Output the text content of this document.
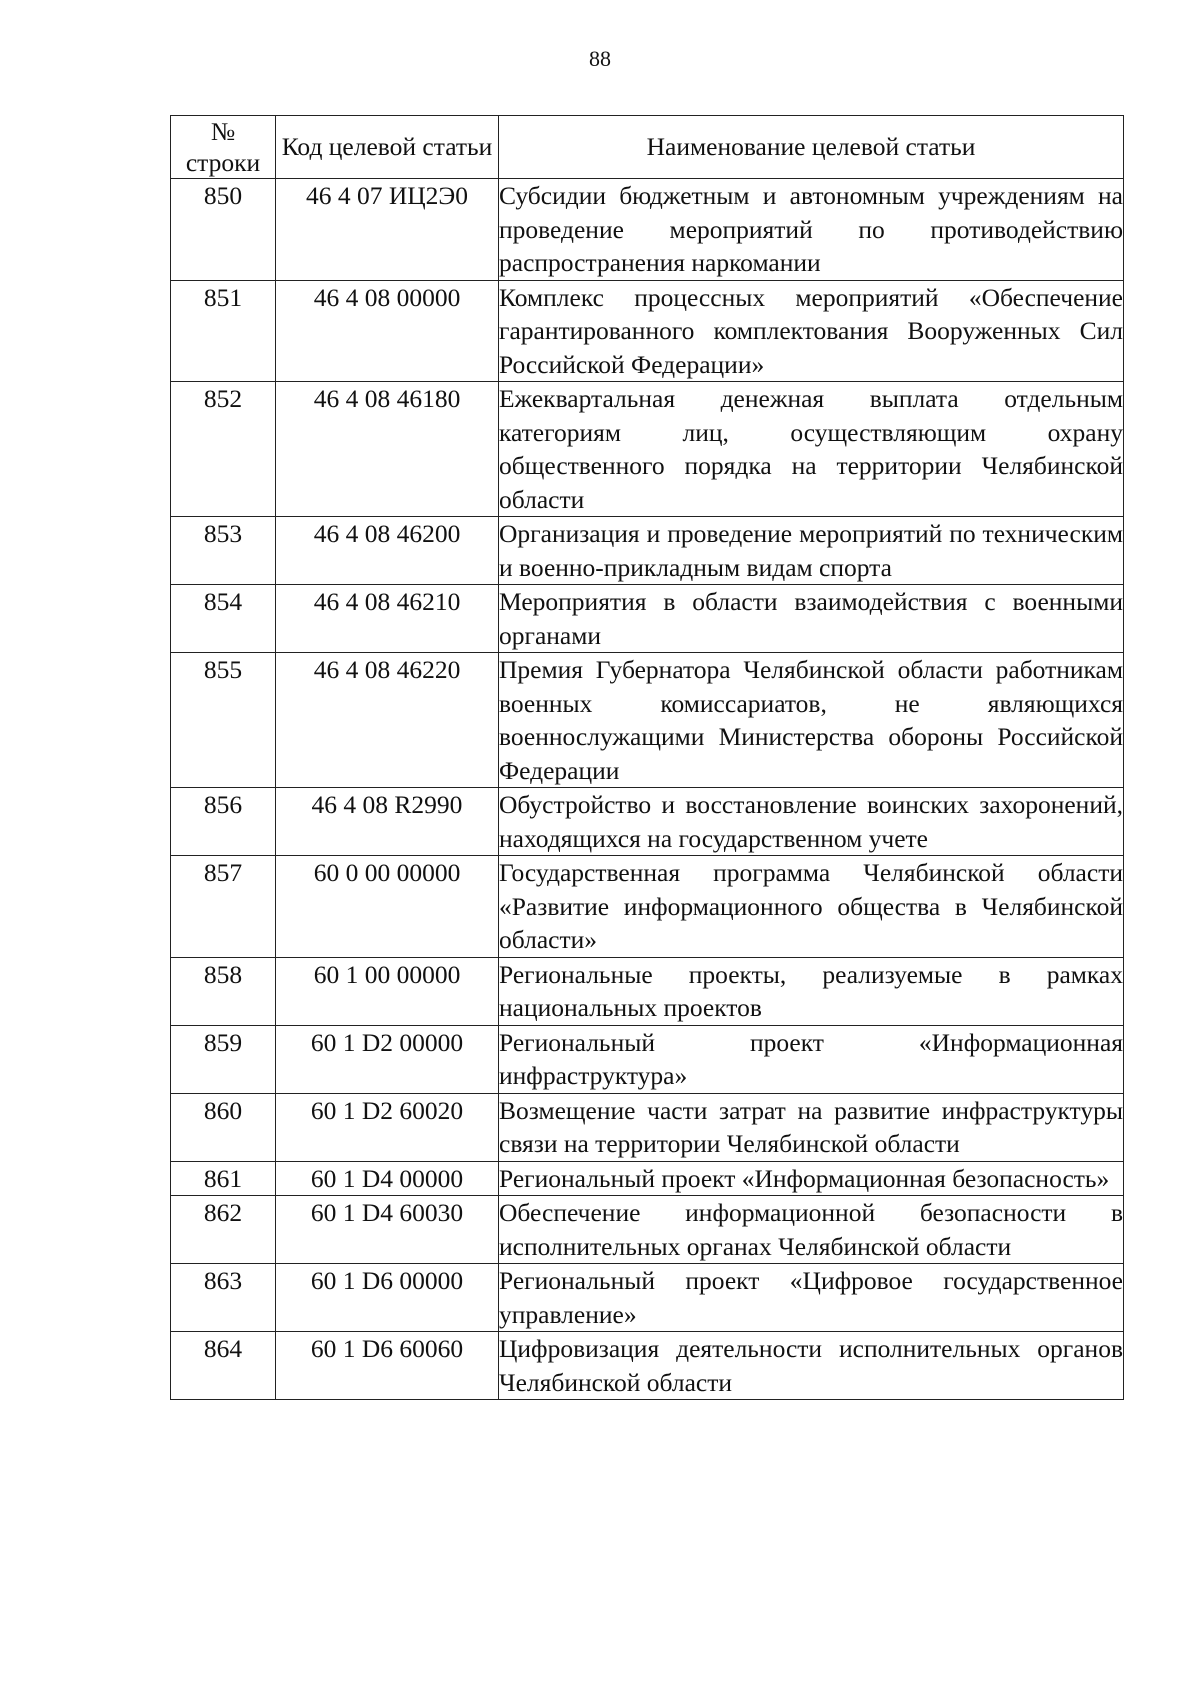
88
№ строки	Код целевой статьи	Наименование целевой статьи
850	46 4 07 ИЦ2Э0	Субсидии бюджетным и автономным учреждениям на проведение мероприятий по противодействию распространения наркомании
851	46 4 08 00000	Комплекс процессных мероприятий «Обеспечение гарантированного комплектования Вооруженных Сил Российской Федерации»
852	46 4 08 46180	Ежеквартальная денежная выплата отдельным категориям лиц, осуществляющим охрану общественного порядка на территории Челябинской области
853	46 4 08 46200	Организация и проведение мероприятий по техническим и военно-прикладным видам спорта
854	46 4 08 46210	Мероприятия в области взаимодействия с военными органами
855	46 4 08 46220	Премия Губернатора Челябинской области работникам военных комиссариатов, не являющихся военнослужащими Министерства обороны Российской Федерации
856	46 4 08 R2990	Обустройство и восстановление воинских захоронений, находящихся на государственном учете
857	60 0 00 00000	Государственная программа Челябинской области «Развитие информационного общества в Челябинской области»
858	60 1 00 00000	Региональные проекты, реализуемые в рамках национальных проектов
859	60 1 D2 00000	Региональный проект «Информационная инфраструктура»
860	60 1 D2 60020	Возмещение части затрат на развитие инфраструктуры связи на территории Челябинской области
861	60 1 D4 00000	Региональный проект «Информационная безопасность»
862	60 1 D4 60030	Обеспечение информационной безопасности в исполнительных органах Челябинской области
863	60 1 D6 00000	Региональный проект «Цифровое государственное управление»
864	60 1 D6 60060	Цифровизация деятельности исполнительных органов Челябинской области
